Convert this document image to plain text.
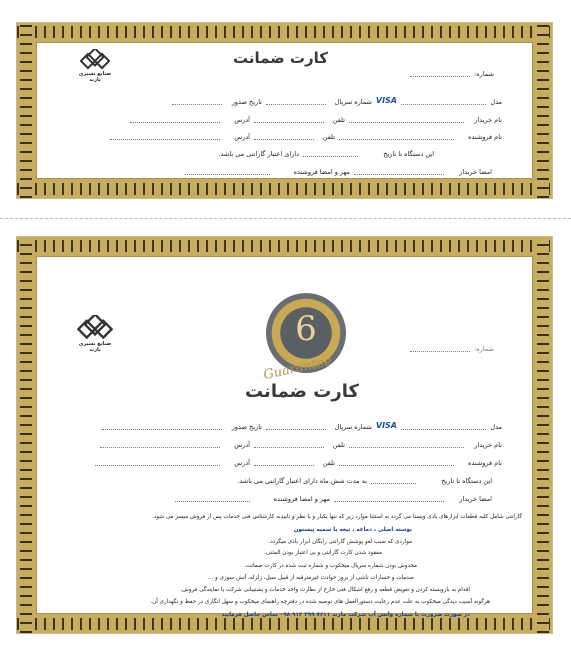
صنایع نسیری بازند
کارت ضمانت
شماره:
مدل
VISA
شماره سریال
تاریخ صدور
نام خریدار
تلفن
آدرس
نام فروشنده
تلفن
آدرس
این دستگاه تا تاریخ
دارای اعتبار گارانتی می باشد.
امضا خریدار
مهر و امضا فروشنده
صنایع نسیری بازند
6
Guarantee
شماره:
کارت ضمانت
مدل
VISA
شماره سریال
تاریخ صدور
نام خریدار
تلفن
آدرس
نام فروشنده
تلفن
آدرس
این دستگاه تا تاریخ
به مدت شش ماه دارای اعتبار گارانتی می باشد.
امضا خریدار
مهر و امضا فروشنده
گارانتی شامل کلیه قطعات ابزارهای بادی ویستا می گردد به استثنا موارد زیر که تنها یکبار و با نظر و تاییدیه کارشناس فنی خدمات پس از فروش میسر می شود.
بوسته اصلی ، دماغه ، تیغه یا سمبه پیستون
مواردی که سبب لغو پوشش گارانتی رایگان ابزار بادی میگردد.
مفقود شدن کارت گارانتی و بی اعتبار بودن المثنی.
مخدوش بودن شماره سریال میخکوب و شماره ثبت شده در کارت ضمانت.
صدمات و خسارات ناشی از بروز حوادث غیرمترقبه از قبیل سیل، زلزله، آتش سوزی و ...
اقدام به بازوبسته کردن و تعویض قطعه و رفع اشکال فنی خارج از نظارت واحد خدمات و پشتیبانی شرکت یا نمایندگی فروش.
هرگونه آسیب دیدگی میخکوب به علت عدم رعایت دستورالعمل های توصیه شده در دفترچه راهنمای میخکوب و سهل انگاری در حفظ و نگهداری آن.
در صورت ضرورت با شماره واتس آپ شرکت مازند ۷۶۱۱ ۳۹۹ ۹۱۲ ۰۹۸ تماس حاصل فرمایید
